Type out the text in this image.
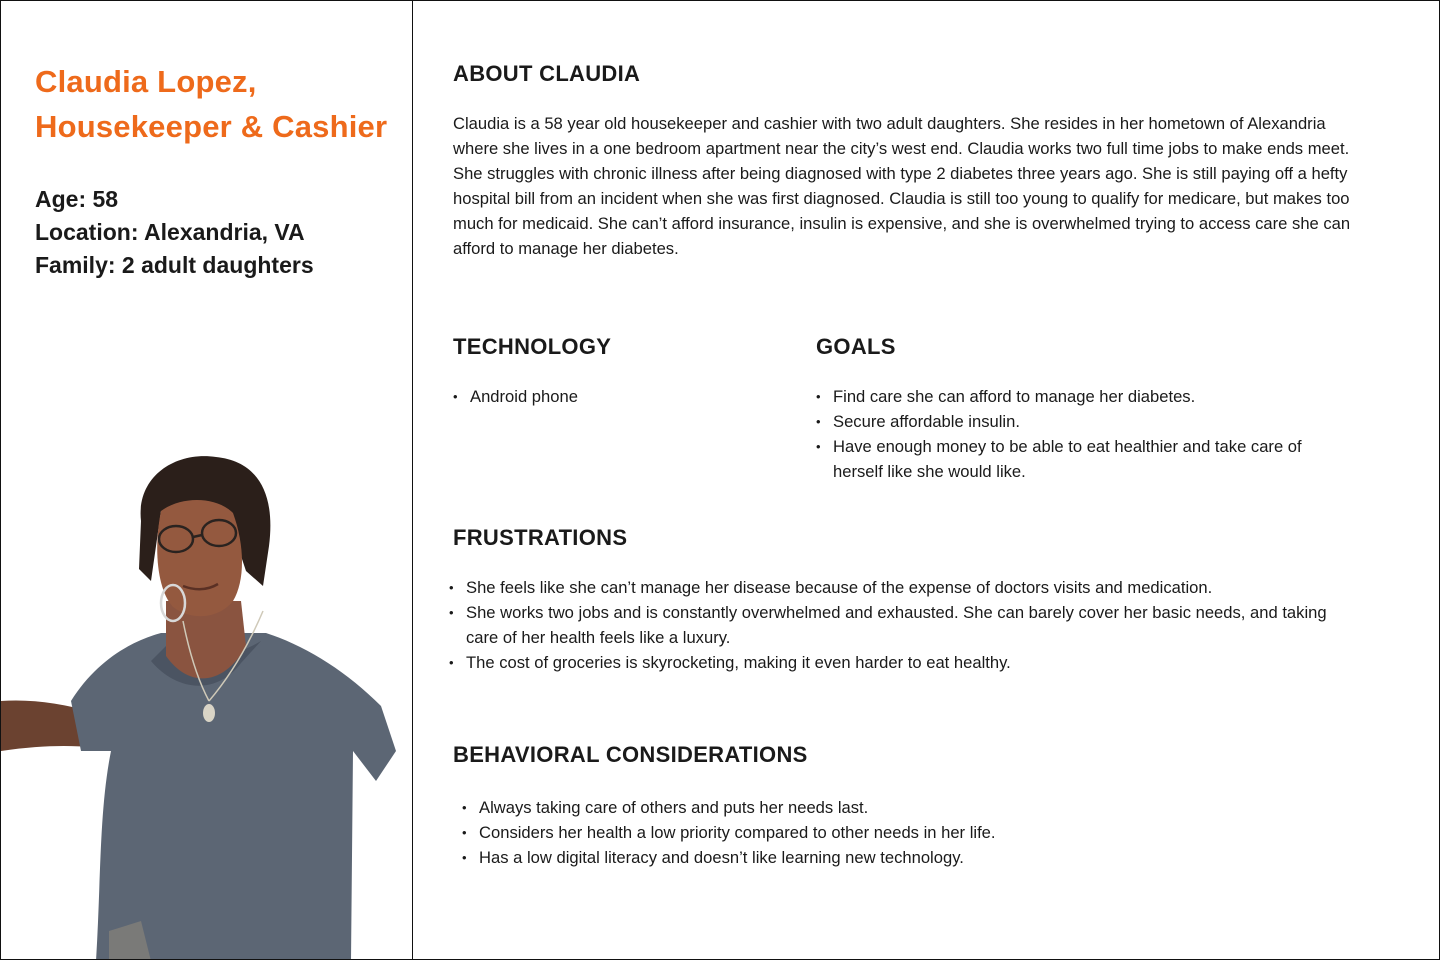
Claudia Lopez,
Housekeeper & Cashier
Age: 58
Location: Alexandria, VA
Family: 2 adult daughters
ABOUT CLAUDIA

Claudia is a 58 year old housekeeper and cashier with two adult daughters. She resides in her hometown of Alexandria where she lives in a one bedroom apartment near the city’s west end. Claudia works two full time jobs to make ends meet. She struggles with chronic illness after being diagnosed with type 2 diabetes three years ago. She is still paying off a hefty hospital bill from an incident when she was first diagnosed. Claudia is still too young to qualify for medicare, but makes too much for medicaid. She can’t afford insurance, insulin is expensive, and she is overwhelmed trying to access care she can afford to manage her diabetes.

TECHNOLOGY
• Android phone
GOALS
• Find care she can afford to manage her diabetes.
• Secure affordable insulin.
• Have enough money to be able to eat healthier and take care of herself like she would like.
FRUSTRATIONS
• She feels like she can’t manage her disease because of the expense of doctors visits and medication.
• She works two jobs and is constantly overwhelmed and exhausted. She can barely cover her basic needs, and taking care of her health feels like a luxury.
• The cost of groceries is skyrocketing, making it even harder to eat healthy.
BEHAVIORAL CONSIDERATIONS
• Always taking care of others and puts her needs last.
• Considers her health a low priority compared to other needs in her life.
• Has a low digital literacy and doesn’t like learning new technology.
